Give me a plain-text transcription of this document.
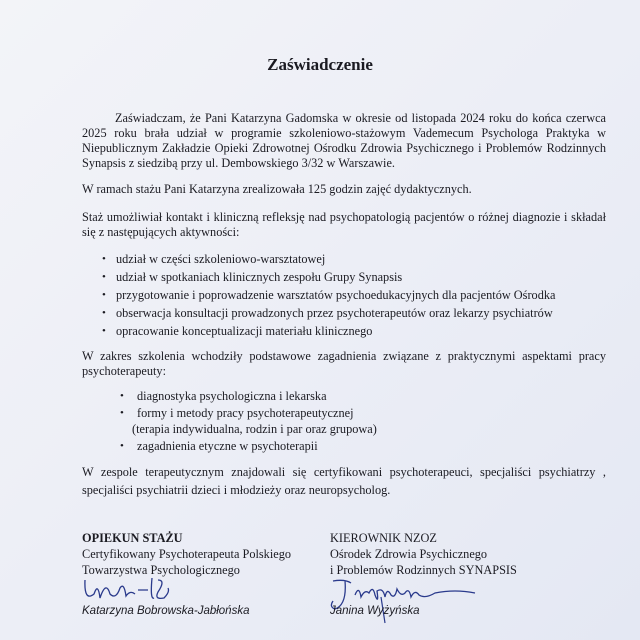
Zaświadczenie

Zaświadczam, że Pani Katarzyna Gadomska w okresie od listopada 2024 roku do końca czerwca 2025 roku brała udział w programie szkoleniowo-stażowym Vademecum Psychologa Praktyka w Niepublicznym Zakładzie Opieki Zdrowotnej Ośrodku Zdrowia Psychicznego i Problemów Rodzinnych Synapsis z siedzibą przy ul. Dembowskiego 3/32 w Warszawie.

W ramach stażu Pani Katarzyna zrealizowała 125 godzin zajęć dydaktycznych.

Staż umożliwiał kontakt i kliniczną refleksję nad psychopatologią pacjentów o różnej diagnozie i składał się z następujących aktywności:

• udział w części szkoleniowo-warsztatowej
• udział w spotkaniach klinicznych zespołu Grupy Synapsis
• przygotowanie i poprowadzenie warsztatów psychoedukacyjnych dla pacjentów Ośrodka
• obserwacja konsultacji prowadzonych przez psychoterapeutów oraz lekarzy psychiatrów
• opracowanie konceptualizacji materiału klinicznego

W zakres szkolenia wchodziły podstawowe zagadnienia związane z praktycznymi aspektami pracy psychoterapeuty:

• diagnostyka psychologiczna i lekarska
• formy i metody pracy psychoterapeutycznej
(terapia indywidualna, rodzin i par oraz grupowa)
• zagadnienia etyczne w psychoterapii

W zespole terapeutycznym znajdowali się certyfikowani psychoterapeuci, specjaliści psychiatrzy , specjaliści psychiatrii dzieci i młodzieży oraz neuropsycholog.

OPIEKUN STAŻU
Certyfikowany Psychoterapeuta Polskiego
Towarzystwa Psychologicznego
Katarzyna Bobrowska-Jabłońska
KIEROWNIK NZOZ
Ośrodek Zdrowia Psychicznego
i Problemów Rodzinnych SYNAPSIS
Janina Wyżyńska
